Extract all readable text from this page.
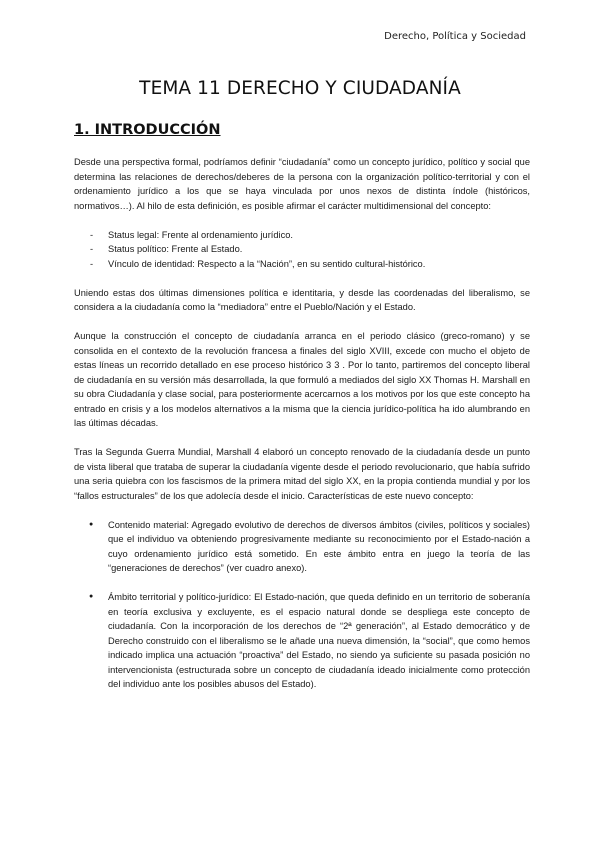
Derecho, Política y Sociedad
TEMA 11 DERECHO Y CIUDADANÍA
1. INTRODUCCIÓN

Desde una perspectiva formal, podríamos definir “ciudadanía” como un concepto jurídico, político y social que determina las relaciones de derechos/deberes de la persona con la organización político-territorial y con el ordenamiento jurídico a los que se haya vinculada por unos nexos de distinta índole (históricos, normativos…). Al hilo de esta definición, es posible afirmar el carácter multidimensional del concepto:

- Status legal: Frente al ordenamiento jurídico.
- Status político: Frente al Estado.
- Vínculo de identidad: Respecto a la “Nación”, en su sentido cultural-histórico.

Uniendo estas dos últimas dimensiones política e identitaria, y desde las coordenadas del liberalismo, se considera a la ciudadanía como la “mediadora” entre el Pueblo/Nación y el Estado.

Aunque la construcción el concepto de ciudadanía arranca en el periodo clásico (greco-romano) y se consolida en el contexto de la revolución francesa a finales del siglo XVIII, excede con mucho el objeto de estas líneas un recorrido detallado en ese proceso histórico 3 3 . Por lo tanto, partiremos del concepto liberal de ciudadanía en su versión más desarrollada, la que formuló a mediados del siglo XX Thomas H. Marshall en su obra Ciudadanía y clase social, para posteriormente acercarnos a los motivos por los que este concepto ha entrado en crisis y a los modelos alternativos a la misma que la ciencia jurídico-política ha ido alumbrando en las últimas décadas.

Tras la Segunda Guerra Mundial, Marshall 4 elaboró un concepto renovado de la ciudadanía desde un punto de vista liberal que trataba de superar la ciudadanía vigente desde el periodo revolucionario, que había sufrido una seria quiebra con los fascismos de la primera mitad del siglo XX, en la propia contienda mundial y por los “fallos estructurales” de los que adolecía desde el inicio. Características de este nuevo concepto:

● Contenido material: Agregado evolutivo de derechos de diversos ámbitos (civiles, políticos y sociales) que el individuo va obteniendo progresivamente mediante su reconocimiento por el Estado-nación a cuyo ordenamiento jurídico está sometido. En este ámbito entra en juego la teoría de las “generaciones de derechos” (ver cuadro anexo).
● Ámbito territorial y político-jurídico: El Estado-nación, que queda definido en un territorio de soberanía en teoría exclusiva y excluyente, es el espacio natural donde se despliega este concepto de ciudadanía. Con la incorporación de los derechos de “2ª generación”, al Estado democrático y de Derecho construido con el liberalismo se le añade una nueva dimensión, la “social”, que como hemos indicado implica una actuación “proactiva” del Estado, no siendo ya suficiente su pasada posición no intervencionista (estructurada sobre un concepto de ciudadanía ideado inicialmente como protección del individuo ante los posibles abusos del Estado).
